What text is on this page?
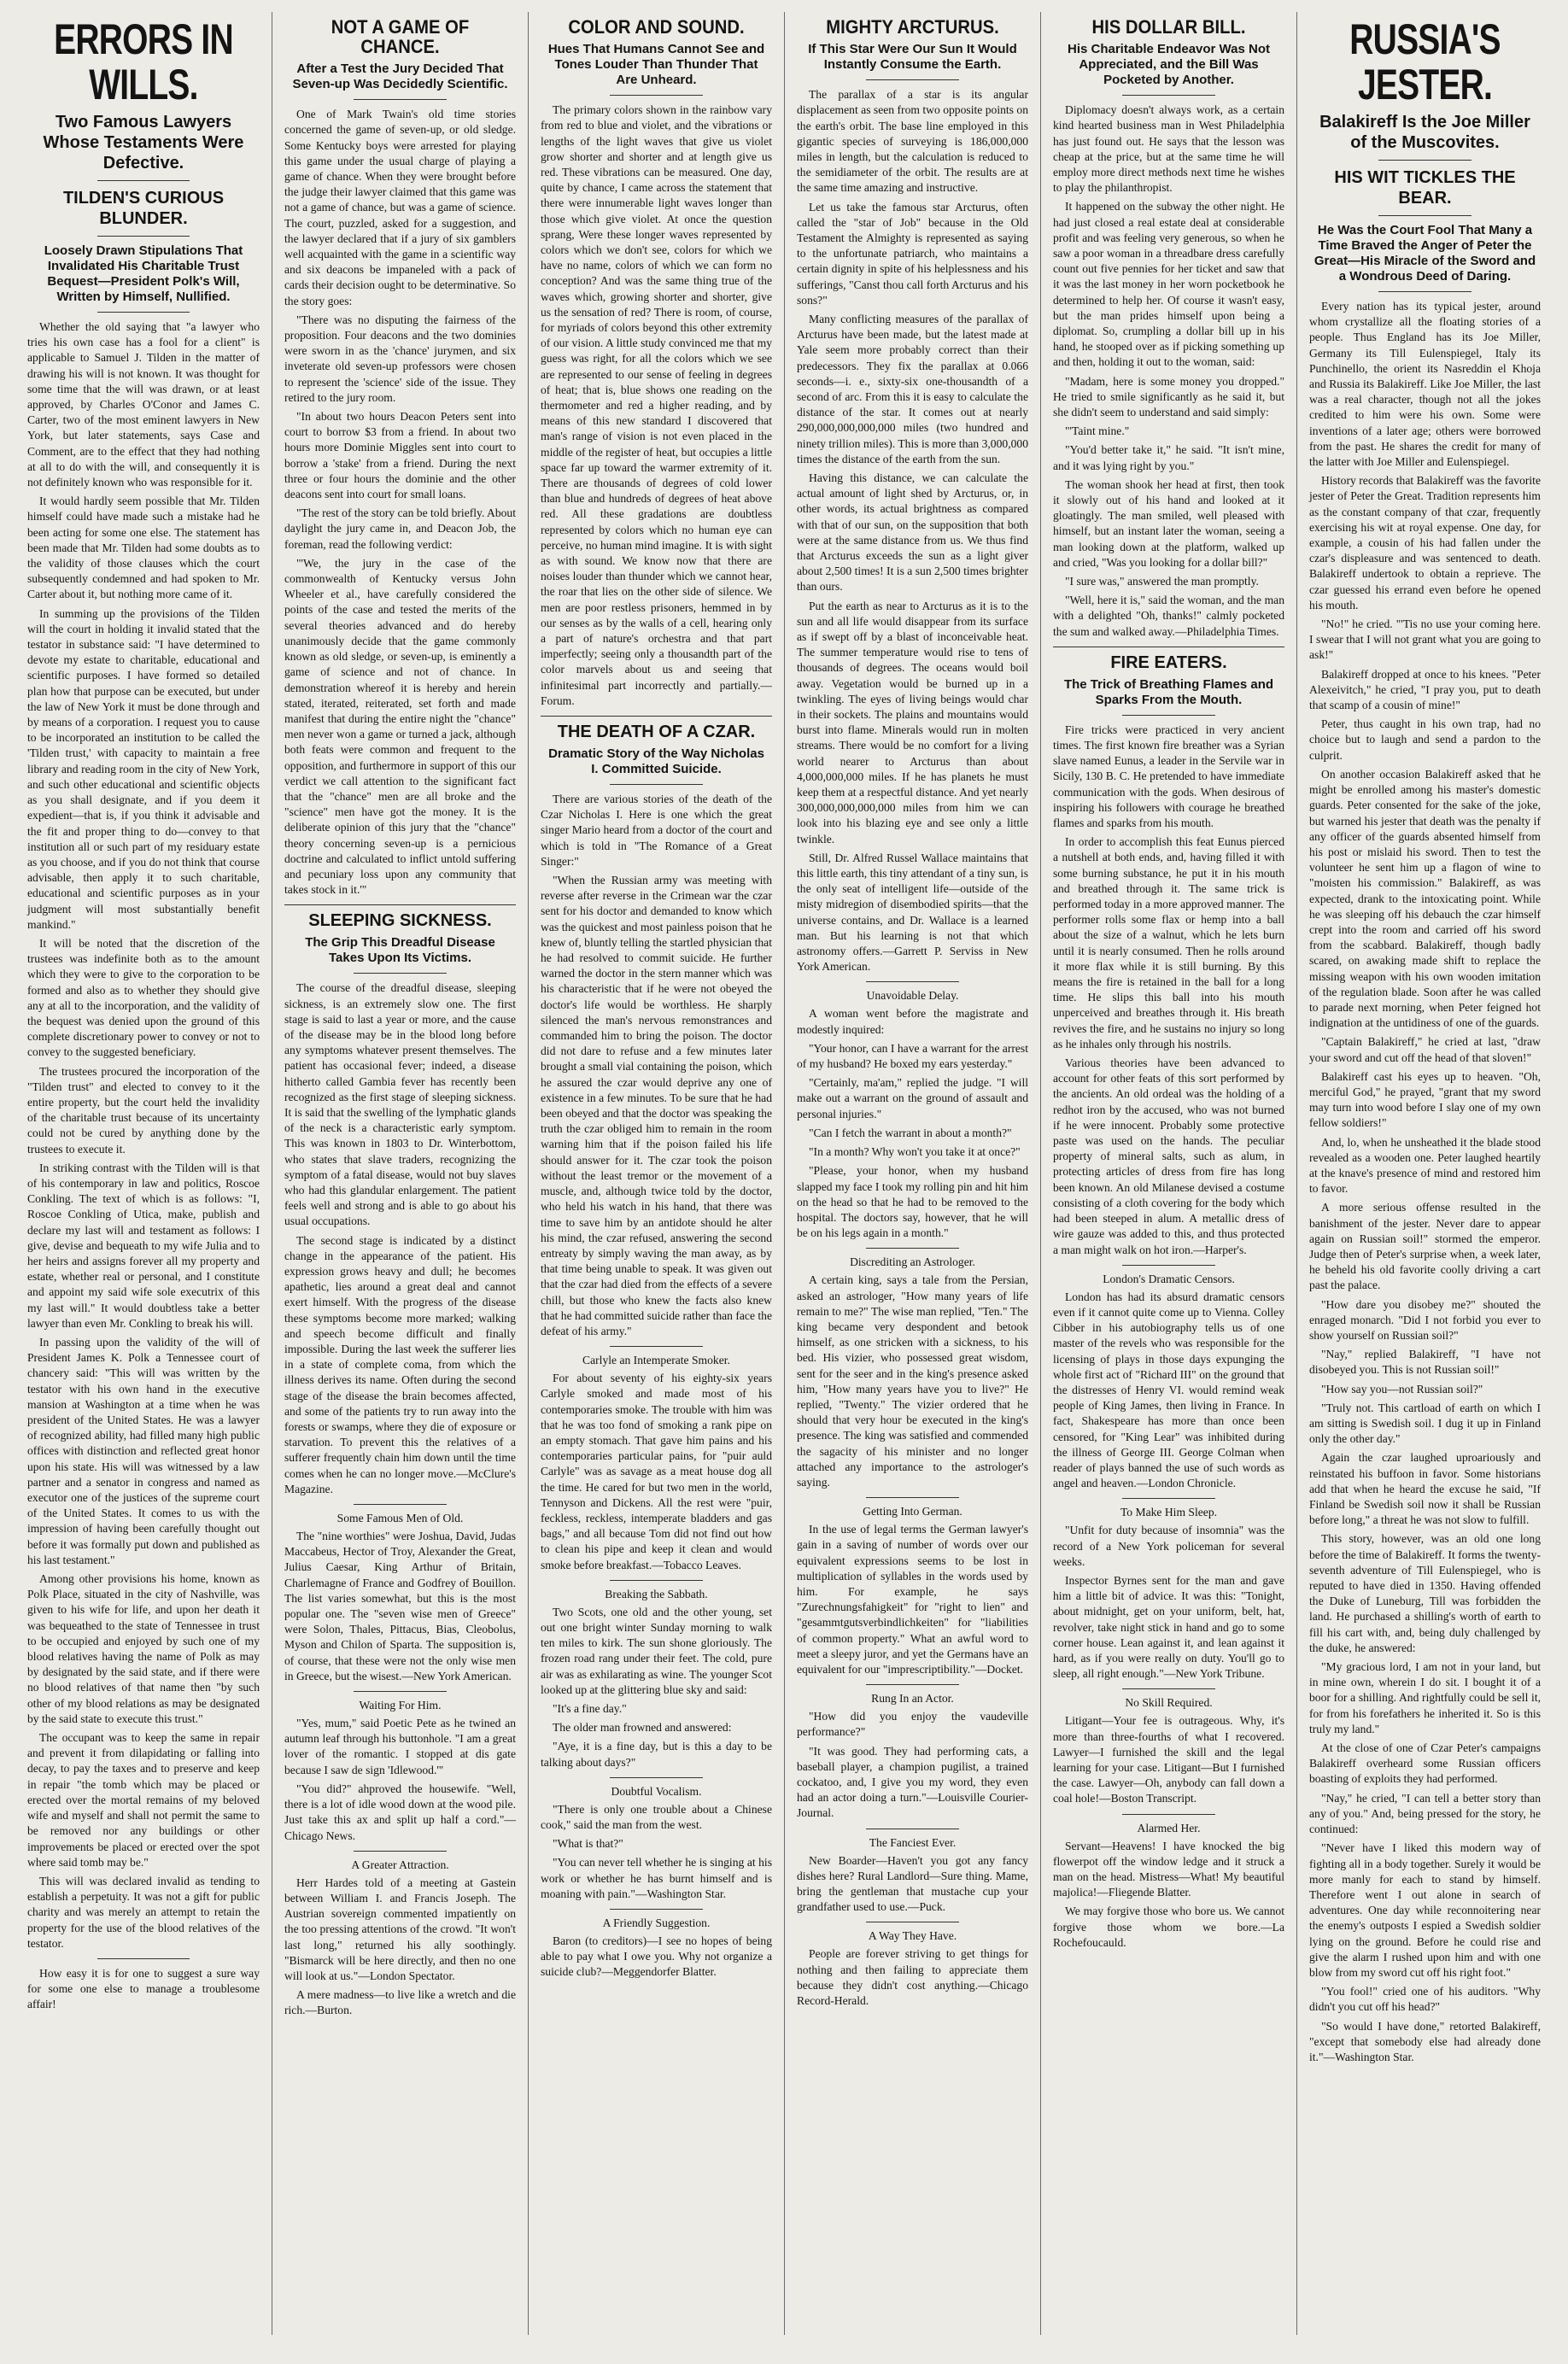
ERRORS IN WILLS.
Two Famous Lawyers Whose Testaments Were Defective.
TILDEN'S CURIOUS BLUNDER.
Loosely Drawn Stipulations That Invalidated His Charitable Trust Bequest—President Polk's Will, Written by Himself, Nullified.

Whether the old saying that "a lawyer who tries his own case has a fool for a client" is applicable to Samuel J. Tilden in the matter of drawing his will is not known. It was thought for some time that the will was drawn, or at least approved, by Charles O'Conor and James C. Carter, two of the most eminent lawyers in New York, but later statements, says Case and Comment, are to the effect that they had nothing at all to do with the will, and consequently it is not definitely known who was responsible for it.

It would hardly seem possible that Mr. Tilden himself could have made such a mistake had he been acting for some one else. The statement has been made that Mr. Tilden had some doubts as to the validity of those clauses which the court subsequently condemned and had spoken to Mr. Carter about it, but nothing more came of it.

In summing up the provisions of the Tilden will the court in holding it invalid stated that the testator in substance said: "I have determined to devote my estate to charitable, educational and scientific purposes. I have formed so detailed plan how that purpose can be executed, but under the law of New York it must be done through and by means of a corporation. I request you to cause to be incorporated an institution to be called the 'Tilden trust,' with capacity to maintain a free library and reading room in the city of New York, and such other educational and scientific objects as you shall designate, and if you deem it expedient—that is, if you think it advisable and the fit and proper thing to do—convey to that institution all or such part of my residuary estate as you choose, and if you do not think that course advisable, then apply it to such charitable, educational and scientific purposes as in your judgment will most substantially benefit mankind."

It will be noted that the discretion of the trustees was indefinite both as to the amount which they were to give to the corporation to be formed and also as to whether they should give any at all to the incorporation, and the validity of the bequest was denied upon the ground of this complete discretionary power to convey or not to convey to the suggested beneficiary.

The trustees procured the incorporation of the "Tilden trust" and elected to convey to it the entire property, but the court held the invalidity of the charitable trust because of its uncertainty could not be cured by anything done by the trustees to execute it.

In striking contrast with the Tilden will is that of his contemporary in law and politics, Roscoe Conkling. The text of which is as follows: "I, Roscoe Conkling of Utica, make, publish and declare my last will and testament as follows: I give, devise and bequeath to my wife Julia and to her heirs and assigns forever all my property and estate, whether real or personal, and I constitute and appoint my said wife sole executrix of this my last will." It would doubtless take a better lawyer than even Mr. Conkling to break his will.

In passing upon the validity of the will of President James K. Polk a Tennessee court of chancery said: "This will was written by the testator with his own hand in the executive mansion at Washington at a time when he was president of the United States. He was a lawyer of recognized ability, had filled many high public offices with distinction and reflected great honor upon his state. His will was witnessed by a law partner and a senator in congress and named as executor one of the justices of the supreme court of the United States. It comes to us with the impression of having been carefully thought out before it was formally put down and published as his last testament."

Among other provisions his home, known as Polk Place, situated in the city of Nashville, was given to his wife for life, and upon her death it was bequeathed to the state of Tennessee in trust to be occupied and enjoyed by such one of my blood relatives having the name of Polk as may by designated by the said state, and if there were no blood relatives of that name then "by such other of my blood relations as may be designated by the said state to execute this trust."

The occupant was to keep the same in repair and prevent it from dilapidating or falling into decay, to pay the taxes and to preserve and keep in repair "the tomb which may be placed or erected over the mortal remains of my beloved wife and myself and shall not permit the same to be removed nor any buildings or other improvements be placed or erected over the spot where said tomb may be."

This will was declared invalid as tending to establish a perpetuity. It was not a gift for public charity and was merely an attempt to retain the property for the use of the blood relatives of the testator.

How easy it is for one to suggest a sure way for some one else to manage a troublesome affair!

NOT A GAME OF CHANCE.
After a Test the Jury Decided That Seven-up Was Decidedly Scientific.

One of Mark Twain's old time stories concerned the game of seven-up, or old sledge. Some Kentucky boys were arrested for playing this game under the usual charge of playing a game of chance. When they were brought before the judge their lawyer claimed that this game was not a game of chance, but was a game of science. The court, puzzled, asked for a suggestion, and the lawyer declared that if a jury of six gamblers well acquainted with the game in a scientific way and six deacons be impaneled with a pack of cards their decision ought to be determinative. So the story goes:

"There was no disputing the fairness of the proposition. Four deacons and the two dominies were sworn in as the 'chance' jurymen, and six inveterate old seven-up professors were chosen to represent the 'science' side of the issue. They retired to the jury room.

"In about two hours Deacon Peters sent into court to borrow $3 from a friend. In about two hours more Dominie Miggles sent into court to borrow a 'stake' from a friend. During the next three or four hours the dominie and the other deacons sent into court for small loans.

"The rest of the story can be told briefly. About daylight the jury came in, and Deacon Job, the foreman, read the following verdict:

"'We, the jury in the case of the commonwealth of Kentucky versus John Wheeler et al., have carefully considered the points of the case and tested the merits of the several theories advanced and do hereby unanimously decide that the game commonly known as old sledge, or seven-up, is eminently a game of science and not of chance. In demonstration whereof it is hereby and herein stated, iterated, reiterated, set forth and made manifest that during the entire night the "chance" men never won a game or turned a jack, although both feats were common and frequent to the opposition, and furthermore in support of this our verdict we call attention to the significant fact that the "chance" men are all broke and the "science" men have got the money. It is the deliberate opinion of this jury that the "chance" theory concerning seven-up is a pernicious doctrine and calculated to inflict untold suffering and pecuniary loss upon any community that takes stock in it.'"

SLEEPING SICKNESS.
The Grip This Dreadful Disease Takes Upon Its Victims.

The course of the dreadful disease, sleeping sickness, is an extremely slow one. The first stage is said to last a year or more, and the cause of the disease may be in the blood long before any symptoms whatever present themselves. The patient has occasional fever; indeed, a disease hitherto called Gambia fever has recently been recognized as the first stage of sleeping sickness. It is said that the swelling of the lymphatic glands of the neck is a characteristic early symptom. This was known in 1803 to Dr. Winterbottom, who states that slave traders, recognizing the symptom of a fatal disease, would not buy slaves who had this glandular enlargement. The patient feels well and strong and is able to go about his usual occupations.

The second stage is indicated by a distinct change in the appearance of the patient. His expression grows heavy and dull; he becomes apathetic, lies around a great deal and cannot exert himself. With the progress of the disease these symptoms become more marked; walking and speech become difficult and finally impossible. During the last week the sufferer lies in a state of complete coma, from which the illness derives its name. Often during the second stage of the disease the brain becomes affected, and some of the patients try to run away into the forests or swamps, where they die of exposure or starvation. To prevent this the relatives of a sufferer frequently chain him down until the time comes when he can no longer move.—McClure's Magazine.

Some Famous Men of Old.

The "nine worthies" were Joshua, David, Judas Maccabeus, Hector of Troy, Alexander the Great, Julius Caesar, King Arthur of Britain, Charlemagne of France and Godfrey of Bouillon. The list varies somewhat, but this is the most popular one. The "seven wise men of Greece" were Solon, Thales, Pittacus, Bias, Cleobolus, Myson and Chilon of Sparta. The supposition is, of course, that these were not the only wise men in Greece, but the wisest.—New York American.

Waiting For Him.

"Yes, mum," said Poetic Pete as he twined an autumn leaf through his buttonhole. "I am a great lover of the romantic. I stopped at dis gate because I saw de sign 'Idlewood.'"

"You did?" ahproved the housewife. "Well, there is a lot of idle wood down at the wood pile. Just take this ax and split up half a cord."—Chicago News.

A Greater Attraction.

Herr Hardes told of a meeting at Gastein between William I. and Francis Joseph. The Austrian sovereign commented impatiently on the too pressing attentions of the crowd. "It won't last long," returned his ally soothingly. "Bismarck will be here directly, and then no one will look at us."—London Spectator.

A mere madness—to live like a wretch and die rich.—Burton.

COLOR AND SOUND.
Hues That Humans Cannot See and Tones Louder Than Thunder That Are Unheard.

The primary colors shown in the rainbow vary from red to blue and violet, and the vibrations or lengths of the light waves that give us violet grow shorter and shorter and at length give us red. These vibrations can be measured. One day, quite by chance, I came across the statement that there were innumerable light waves longer than those which give violet. At once the question sprang, Were these longer waves represented by colors which we don't see, colors for which we have no name, colors of which we can form no conception? And was the same thing true of the waves which, growing shorter and shorter, give us the sensation of red? There is room, of course, for myriads of colors beyond this other extremity of our vision. A little study convinced me that my guess was right, for all the colors which we see are represented to our sense of feeling in degrees of heat; that is, blue shows one reading on the thermometer and red a higher reading, and by means of this new standard I discovered that man's range of vision is not even placed in the middle of the register of heat, but occupies a little space far up toward the warmer extremity of it. There are thousands of degrees of cold lower than blue and hundreds of degrees of heat above red. All these gradations are doubtless represented by colors which no human eye can perceive, no human mind imagine. It is with sight as with sound. We know now that there are noises louder than thunder which we cannot hear, the roar that lies on the other side of silence. We men are poor restless prisoners, hemmed in by our senses as by the walls of a cell, hearing only a part of nature's orchestra and that part imperfectly; seeing only a thousandth part of the color marvels about us and seeing that infinitesimal part incorrectly and partially.—Forum.

THE DEATH OF A CZAR.
Dramatic Story of the Way Nicholas I. Committed Suicide.

There are various stories of the death of the Czar Nicholas I. Here is one which the great singer Mario heard from a doctor of the court and which is told in "The Romance of a Great Singer:"

"When the Russian army was meeting with reverse after reverse in the Crimean war the czar sent for his doctor and demanded to know which was the quickest and most painless poison that he knew of, bluntly telling the startled physician that he had resolved to commit suicide. He further warned the doctor in the stern manner which was his characteristic that if he were not obeyed the doctor's life would be worthless. He sharply silenced the man's nervous remonstrances and commanded him to bring the poison. The doctor did not dare to refuse and a few minutes later brought a small vial containing the poison, which he assured the czar would deprive any one of existence in a few minutes. To be sure that he had been obeyed and that the doctor was speaking the truth the czar obliged him to remain in the room warning him that if the poison failed his life should answer for it. The czar took the poison without the least tremor or the movement of a muscle, and, although twice told by the doctor, who held his watch in his hand, that there was time to save him by an antidote should he alter his mind, the czar refused, answering the second entreaty by simply waving the man away, as by that time being unable to speak. It was given out that the czar had died from the effects of a severe chill, but those who knew the facts also knew that he had committed suicide rather than face the defeat of his army."

Carlyle an Intemperate Smoker.

For about seventy of his eighty-six years Carlyle smoked and made most of his contemporaries smoke. The trouble with him was that he was too fond of smoking a rank pipe on an empty stomach. That gave him pains and his contemporaries particular pains, for "puir auld Carlyle" was as savage as a meat house dog all the time. He cared for but two men in the world, Tennyson and Dickens. All the rest were "puir, feckless, reckless, intemperate bladders and gas bags," and all because Tom did not find out how to clean his pipe and keep it clean and would smoke before breakfast.—Tobacco Leaves.

Breaking the Sabbath.

Two Scots, one old and the other young, set out one bright winter Sunday morning to walk ten miles to kirk. The sun shone gloriously. The frozen road rang under their feet. The cold, pure air was as exhilarating as wine. The younger Scot looked up at the glittering blue sky and said:

"It's a fine day."

The older man frowned and answered:

"Aye, it is a fine day, but is this a day to be talking about days?"

Doubtful Vocalism.

"There is only one trouble about a Chinese cook," said the man from the west.

"What is that?"

"You can never tell whether he is singing at his work or whether he has burnt himself and is moaning with pain."—Washington Star.

A Friendly Suggestion.

Baron (to creditors)—I see no hopes of being able to pay what I owe you. Why not organize a suicide club?—Meggendorfer Blatter.

MIGHTY ARCTURUS.
If This Star Were Our Sun It Would Instantly Consume the Earth.

The parallax of a star is its angular displacement as seen from two opposite points on the earth's orbit. The base line employed in this gigantic species of surveying is 186,000,000 miles in length, but the calculation is reduced to the semidiameter of the orbit. The results are at the same time amazing and instructive.

Let us take the famous star Arcturus, often called the "star of Job" because in the Old Testament the Almighty is represented as saying to the unfortunate patriarch, who maintains a certain dignity in spite of his helplessness and his sufferings, "Canst thou call forth Arcturus and his sons?"

Many conflicting measures of the parallax of Arcturus have been made, but the latest made at Yale seem more probably correct than their predecessors. They fix the parallax at 0.066 seconds—i. e., sixty-six one-thousandth of a second of arc. From this it is easy to calculate the distance of the star. It comes out at nearly 290,000,000,000,000 miles (two hundred and ninety trillion miles). This is more than 3,000,000 times the distance of the earth from the sun.

Having this distance, we can calculate the actual amount of light shed by Arcturus, or, in other words, its actual brightness as compared with that of our sun, on the supposition that both were at the same distance from us. We thus find that Arcturus exceeds the sun as a light giver about 2,500 times! It is a sun 2,500 times brighter than ours.

Put the earth as near to Arcturus as it is to the sun and all life would disappear from its surface as if swept off by a blast of inconceivable heat. The summer temperature would rise to tens of thousands of degrees. The oceans would boil away. Vegetation would be burned up in a twinkling. The eyes of living beings would char in their sockets. The plains and mountains would burst into flame. Minerals would run in molten streams. There would be no comfort for a living world nearer to Arcturus than about 4,000,000,000 miles. If he has planets he must keep them at a respectful distance. And yet nearly 300,000,000,000,000 miles from him we can look into his blazing eye and see only a little twinkle.

Still, Dr. Alfred Russel Wallace maintains that this little earth, this tiny attendant of a tiny sun, is the only seat of intelligent life—outside of the misty midregion of disembodied spirits—that the universe contains, and Dr. Wallace is a learned man. But his learning is not that which astronomy offers.—Garrett P. Serviss in New York American.

Unavoidable Delay.

A woman went before the magistrate and modestly inquired:

"Your honor, can I have a warrant for the arrest of my husband? He boxed my ears yesterday."

"Certainly, ma'am," replied the judge. "I will make out a warrant on the ground of assault and personal injuries."

"Can I fetch the warrant in about a month?"

"In a month? Why won't you take it at once?"

"Please, your honor, when my husband slapped my face I took my rolling pin and hit him on the head so that he had to be removed to the hospital. The doctors say, however, that he will be on his legs again in a month."

Discrediting an Astrologer.

A certain king, says a tale from the Persian, asked an astrologer, "How many years of life remain to me?" The wise man replied, "Ten." The king became very despondent and betook himself, as one stricken with a sickness, to his bed. His vizier, who possessed great wisdom, sent for the seer and in the king's presence asked him, "How many years have you to live?" He replied, "Twenty." The vizier ordered that he should that very hour be executed in the king's presence. The king was satisfied and commended the sagacity of his minister and no longer attached any importance to the astrologer's saying.

Getting Into German.

In the use of legal terms the German lawyer's gain in a saving of number of words over our equivalent expressions seems to be lost in multiplication of syllables in the words used by him. For example, he says "Zurechnungsfahigkeit" for "right to lien" and "gesammtgutsverbindlichkeiten" for "liabilities of common property." What an awful word to meet a sleepy juror, and yet the Germans have an equivalent for our "imprescriptibility."—Docket.

Rung In an Actor.

"How did you enjoy the vaudeville performance?"

"It was good. They had performing cats, a baseball player, a champion pugilist, a trained cockatoo, and, I give you my word, they even had an actor doing a turn."—Louisville Courier-Journal.

The Fanciest Ever.

New Boarder—Haven't you got any fancy dishes here? Rural Landlord—Sure thing. Mame, bring the gentleman that mustache cup your grandfather used to use.—Puck.

A Way They Have.

People are forever striving to get things for nothing and then failing to appreciate them because they didn't cost anything.—Chicago Record-Herald.

HIS DOLLAR BILL.
His Charitable Endeavor Was Not Appreciated, and the Bill Was Pocketed by Another.

Diplomacy doesn't always work, as a certain kind hearted business man in West Philadelphia has just found out. He says that the lesson was cheap at the price, but at the same time he will employ more direct methods next time he wishes to play the philanthropist.

It happened on the subway the other night. He had just closed a real estate deal at considerable profit and was feeling very generous, so when he saw a poor woman in a threadbare dress carefully count out five pennies for her ticket and saw that it was the last money in her worn pocketbook he determined to help her. Of course it wasn't easy, but the man prides himself upon being a diplomat. So, crumpling a dollar bill up in his hand, he stooped over as if picking something up and then, holding it out to the woman, said:

"Madam, here is some money you dropped." He tried to smile significantly as he said it, but she didn't seem to understand and said simply:

"'Taint mine."

"You'd better take it," he said. "It isn't mine, and it was lying right by you."

The woman shook her head at first, then took it slowly out of his hand and looked at it gloatingly. The man smiled, well pleased with himself, but an instant later the woman, seeing a man looking down at the platform, walked up and cried, "Was you looking for a dollar bill?"

"I sure was," answered the man promptly.

"Well, here it is," said the woman, and the man with a delighted "Oh, thanks!" calmly pocketed the sum and walked away.—Philadelphia Times.

FIRE EATERS.
The Trick of Breathing Flames and Sparks From the Mouth.

Fire tricks were practiced in very ancient times. The first known fire breather was a Syrian slave named Eunus, a leader in the Servile war in Sicily, 130 B. C. He pretended to have immediate communication with the gods. When desirous of inspiring his followers with courage he breathed flames and sparks from his mouth.

In order to accomplish this feat Eunus pierced a nutshell at both ends, and, having filled it with some burning substance, he put it in his mouth and breathed through it. The same trick is performed today in a more approved manner. The performer rolls some flax or hemp into a ball about the size of a walnut, which he lets burn until it is nearly consumed. Then he rolls around it more flax while it is still burning. By this means the fire is retained in the ball for a long time. He slips this ball into his mouth unperceived and breathes through it. His breath revives the fire, and he sustains no injury so long as he inhales only through his nostrils.

Various theories have been advanced to account for other feats of this sort performed by the ancients. An old ordeal was the holding of a redhot iron by the accused, who was not burned if he were innocent. Probably some protective paste was used on the hands. The peculiar property of mineral salts, such as alum, in protecting articles of dress from fire has long been known. An old Milanese devised a costume consisting of a cloth covering for the body which had been steeped in alum. A metallic dress of wire gauze was added to this, and thus protected a man might walk on hot iron.—Harper's.

London's Dramatic Censors.

London has had its absurd dramatic censors even if it cannot quite come up to Vienna. Colley Cibber in his autobiography tells us of one master of the revels who was responsible for the licensing of plays in those days expunging the whole first act of "Richard III" on the ground that the distresses of Henry VI. would remind weak people of King James, then living in France. In fact, Shakespeare has more than once been censored, for "King Lear" was inhibited during the illness of George III. George Colman when reader of plays banned the use of such words as angel and heaven.—London Chronicle.

To Make Him Sleep.

"Unfit for duty because of insomnia" was the record of a New York policeman for several weeks.

Inspector Byrnes sent for the man and gave him a little bit of advice. It was this: "Tonight, about midnight, get on your uniform, belt, hat, revolver, take night stick in hand and go to some corner house. Lean against it, and lean against it hard, as if you were really on duty. You'll go to sleep, all right enough."—New York Tribune.

No Skill Required.

Litigant—Your fee is outrageous. Why, it's more than three-fourths of what I recovered. Lawyer—I furnished the skill and the legal learning for your case. Litigant—But I furnished the case. Lawyer—Oh, anybody can fall down a coal hole!—Boston Transcript.

Alarmed Her.

Servant—Heavens! I have knocked the big flowerpot off the window ledge and it struck a man on the head. Mistress—What! My beautiful majolica!—Fliegende Blatter.

We may forgive those who bore us. We cannot forgive those whom we bore.—La Rochefoucauld.

RUSSIA'S JESTER.
Balakireff Is the Joe Miller of the Muscovites.
HIS WIT TICKLES THE BEAR.
He Was the Court Fool That Many a Time Braved the Anger of Peter the Great—His Miracle of the Sword and a Wondrous Deed of Daring.

Every nation has its typical jester, around whom crystallize all the floating stories of a people. Thus England has its Joe Miller, Germany its Till Eulenspiegel, Italy its Punchinello, the orient its Nasreddin el Khoja and Russia its Balakireff. Like Joe Miller, the last was a real character, though not all the jokes credited to him were his own. Some were inventions of a later age; others were borrowed from the past. He shares the credit for many of the latter with Joe Miller and Eulenspiegel.

History records that Balakireff was the favorite jester of Peter the Great. Tradition represents him as the constant company of that czar, frequently exercising his wit at royal expense. One day, for example, a cousin of his had fallen under the czar's displeasure and was sentenced to death. Balakireff undertook to obtain a reprieve. The czar guessed his errand even before he opened his mouth.

"No!" he cried. "'Tis no use your coming here. I swear that I will not grant what you are going to ask!"

Balakireff dropped at once to his knees. "Peter Alexeivitch," he cried, "I pray you, put to death that scamp of a cousin of mine!"

Peter, thus caught in his own trap, had no choice but to laugh and send a pardon to the culprit.

On another occasion Balakireff asked that he might be enrolled among his master's domestic guards. Peter consented for the sake of the joke, but warned his jester that death was the penalty if any officer of the guards absented himself from his post or mislaid his sword. Then to test the volunteer he sent him up a flagon of wine to "moisten his commission." Balakireff, as was expected, drank to the intoxicating point. While he was sleeping off his debauch the czar himself crept into the room and carried off his sword from the scabbard. Balakireff, though badly scared, on awaking made shift to replace the missing weapon with his own wooden imitation of the regulation blade. Soon after he was called to parade next morning, when Peter feigned hot indignation at the untidiness of one of the guards.

"Captain Balakireff," he cried at last, "draw your sword and cut off the head of that sloven!"

Balakireff cast his eyes up to heaven. "Oh, merciful God," he prayed, "grant that my sword may turn into wood before I slay one of my own fellow soldiers!"

And, lo, when he unsheathed it the blade stood revealed as a wooden one. Peter laughed heartily at the knave's presence of mind and restored him to favor.

A more serious offense resulted in the banishment of the jester. Never dare to appear again on Russian soil!" stormed the emperor. Judge then of Peter's surprise when, a week later, he beheld his old favorite coolly driving a cart past the palace.

"How dare you disobey me?" shouted the enraged monarch. "Did I not forbid you ever to show yourself on Russian soil?"

"Nay," replied Balakireff, "I have not disobeyed you. This is not Russian soil!"

"How say you—not Russian soil?"

"Truly not. This cartload of earth on which I am sitting is Swedish soil. I dug it up in Finland only the other day."

Again the czar laughed uproariously and reinstated his buffoon in favor. Some historians add that when he heard the excuse he said, "If Finland be Swedish soil now it shall be Russian before long," a threat he was not slow to fulfill.

This story, however, was an old one long before the time of Balakireff. It forms the twenty-seventh adventure of Till Eulenspiegel, who is reputed to have died in 1350. Having offended the Duke of Luneburg, Till was forbidden the land. He purchased a shilling's worth of earth to fill his cart with, and, being duly challenged by the duke, he answered:

"My gracious lord, I am not in your land, but in mine own, wherein I do sit. I bought it of a boor for a shilling. And rightfully could be sell it, for from his forefathers he inherited it. So is this truly my land."

At the close of one of Czar Peter's campaigns Balakireff overheard some Russian officers boasting of exploits they had performed.

"Nay," he cried, "I can tell a better story than any of you." And, being pressed for the story, he continued:

"Never have I liked this modern way of fighting all in a body together. Surely it would be more manly for each to stand by himself. Therefore went I out alone in search of adventures. One day while reconnoitering near the enemy's outposts I espied a Swedish soldier lying on the ground. Before he could rise and give the alarm I rushed upon him and with one blow from my sword cut off his right foot."

"You fool!" cried one of his auditors. "Why didn't you cut off his head?"

"So would I have done," retorted Balakireff, "except that somebody else had already done it."—Washington Star.
